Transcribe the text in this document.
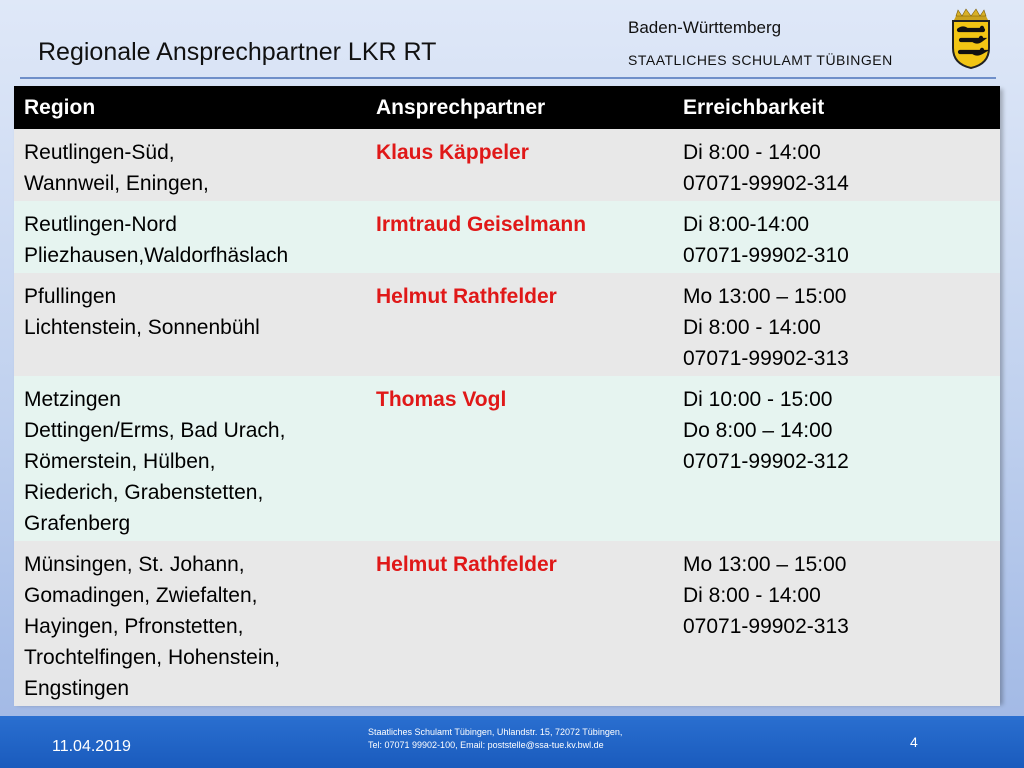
Regionale Ansprechpartner LKR RT
Baden-Württemberg
STAATLICHES SCHULAMT TÜBINGEN
Region	Ansprechpartner	Erreichbarkeit

Reutlingen-Süd,
Wannweil, Eningen,	Klaus Käppeler	Di 8:00 - 14:00
07071-99902-314

Reutlingen-Nord
Pliezhausen,Waldorfhäslach	Irmtraud Geiselmann	Di 8:00-14:00
07071-99902-310

Pfullingen
Lichtenstein, Sonnenbühl	Helmut Rathfelder	Mo 13:00 – 15:00
Di 8:00 - 14:00
07071-99902-313

Metzingen
Dettingen/Erms, Bad Urach,
Römerstein, Hülben,
Riederich, Grabenstetten,
Grafenberg	Thomas Vogl	Di 10:00 - 15:00
Do 8:00 – 14:00
07071-99902-312

Münsingen, St. Johann,
Gomadingen, Zwiefalten,
Hayingen, Pfronstetten,
Trochtelfingen, Hohenstein,
Engstingen	Helmut Rathfelder	Mo 13:00 – 15:00
Di 8:00 - 14:00
07071-99902-313
11.04.2019
Staatliches Schulamt Tübingen, Uhlandstr. 15, 72072 Tübingen,
Tel: 07071 99902-100, Email: poststelle@ssa-tue.kv.bwl.de	4
